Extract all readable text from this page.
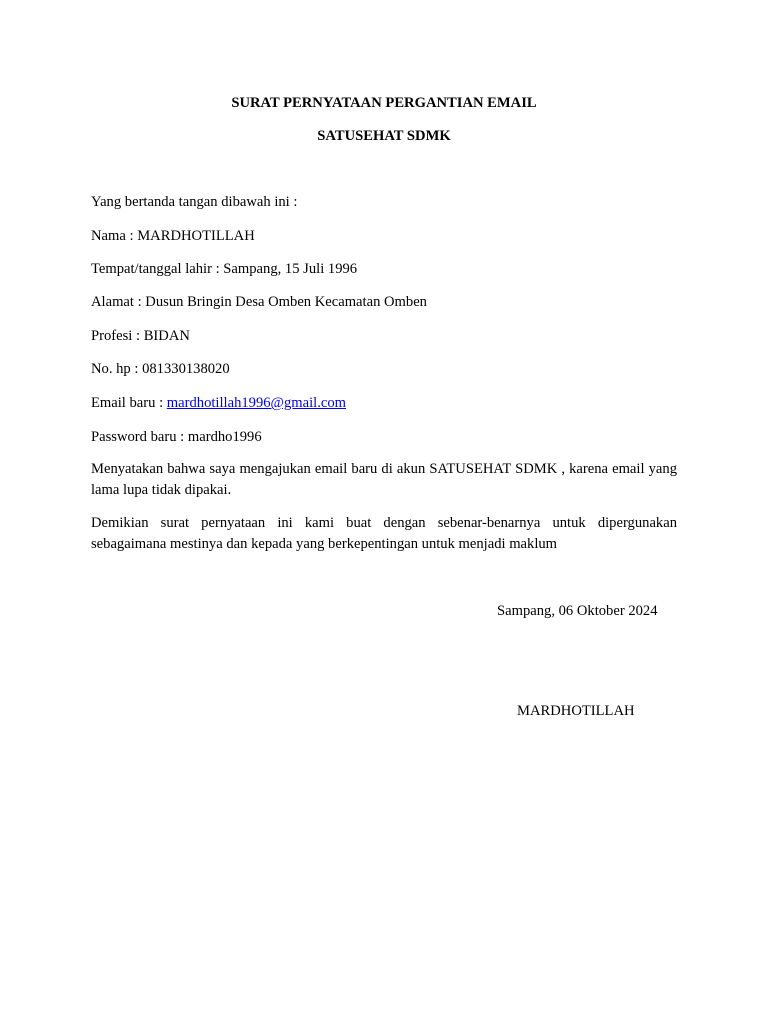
SURAT PERNYATAAN PERGANTIAN EMAIL
SATUSEHAT SDMK
Yang bertanda tangan dibawah ini :
Nama : MARDHOTILLAH
Tempat/tanggal lahir : Sampang, 15 Juli 1996
Alamat : Dusun Bringin Desa Omben Kecamatan Omben
Profesi : BIDAN
No. hp : 081330138020
Email baru : mardhotillah1996@gmail.com
Password baru : mardho1996
Menyatakan bahwa saya mengajukan email baru di akun SATUSEHAT SDMK , karena email yang lama lupa tidak dipakai.
Demikian surat pernyataan ini kami buat dengan sebenar-benarnya untuk dipergunakan sebagaimana mestinya dan kepada yang berkepentingan untuk menjadi maklum
Sampang, 06 Oktober 2024
MARDHOTILLAH
